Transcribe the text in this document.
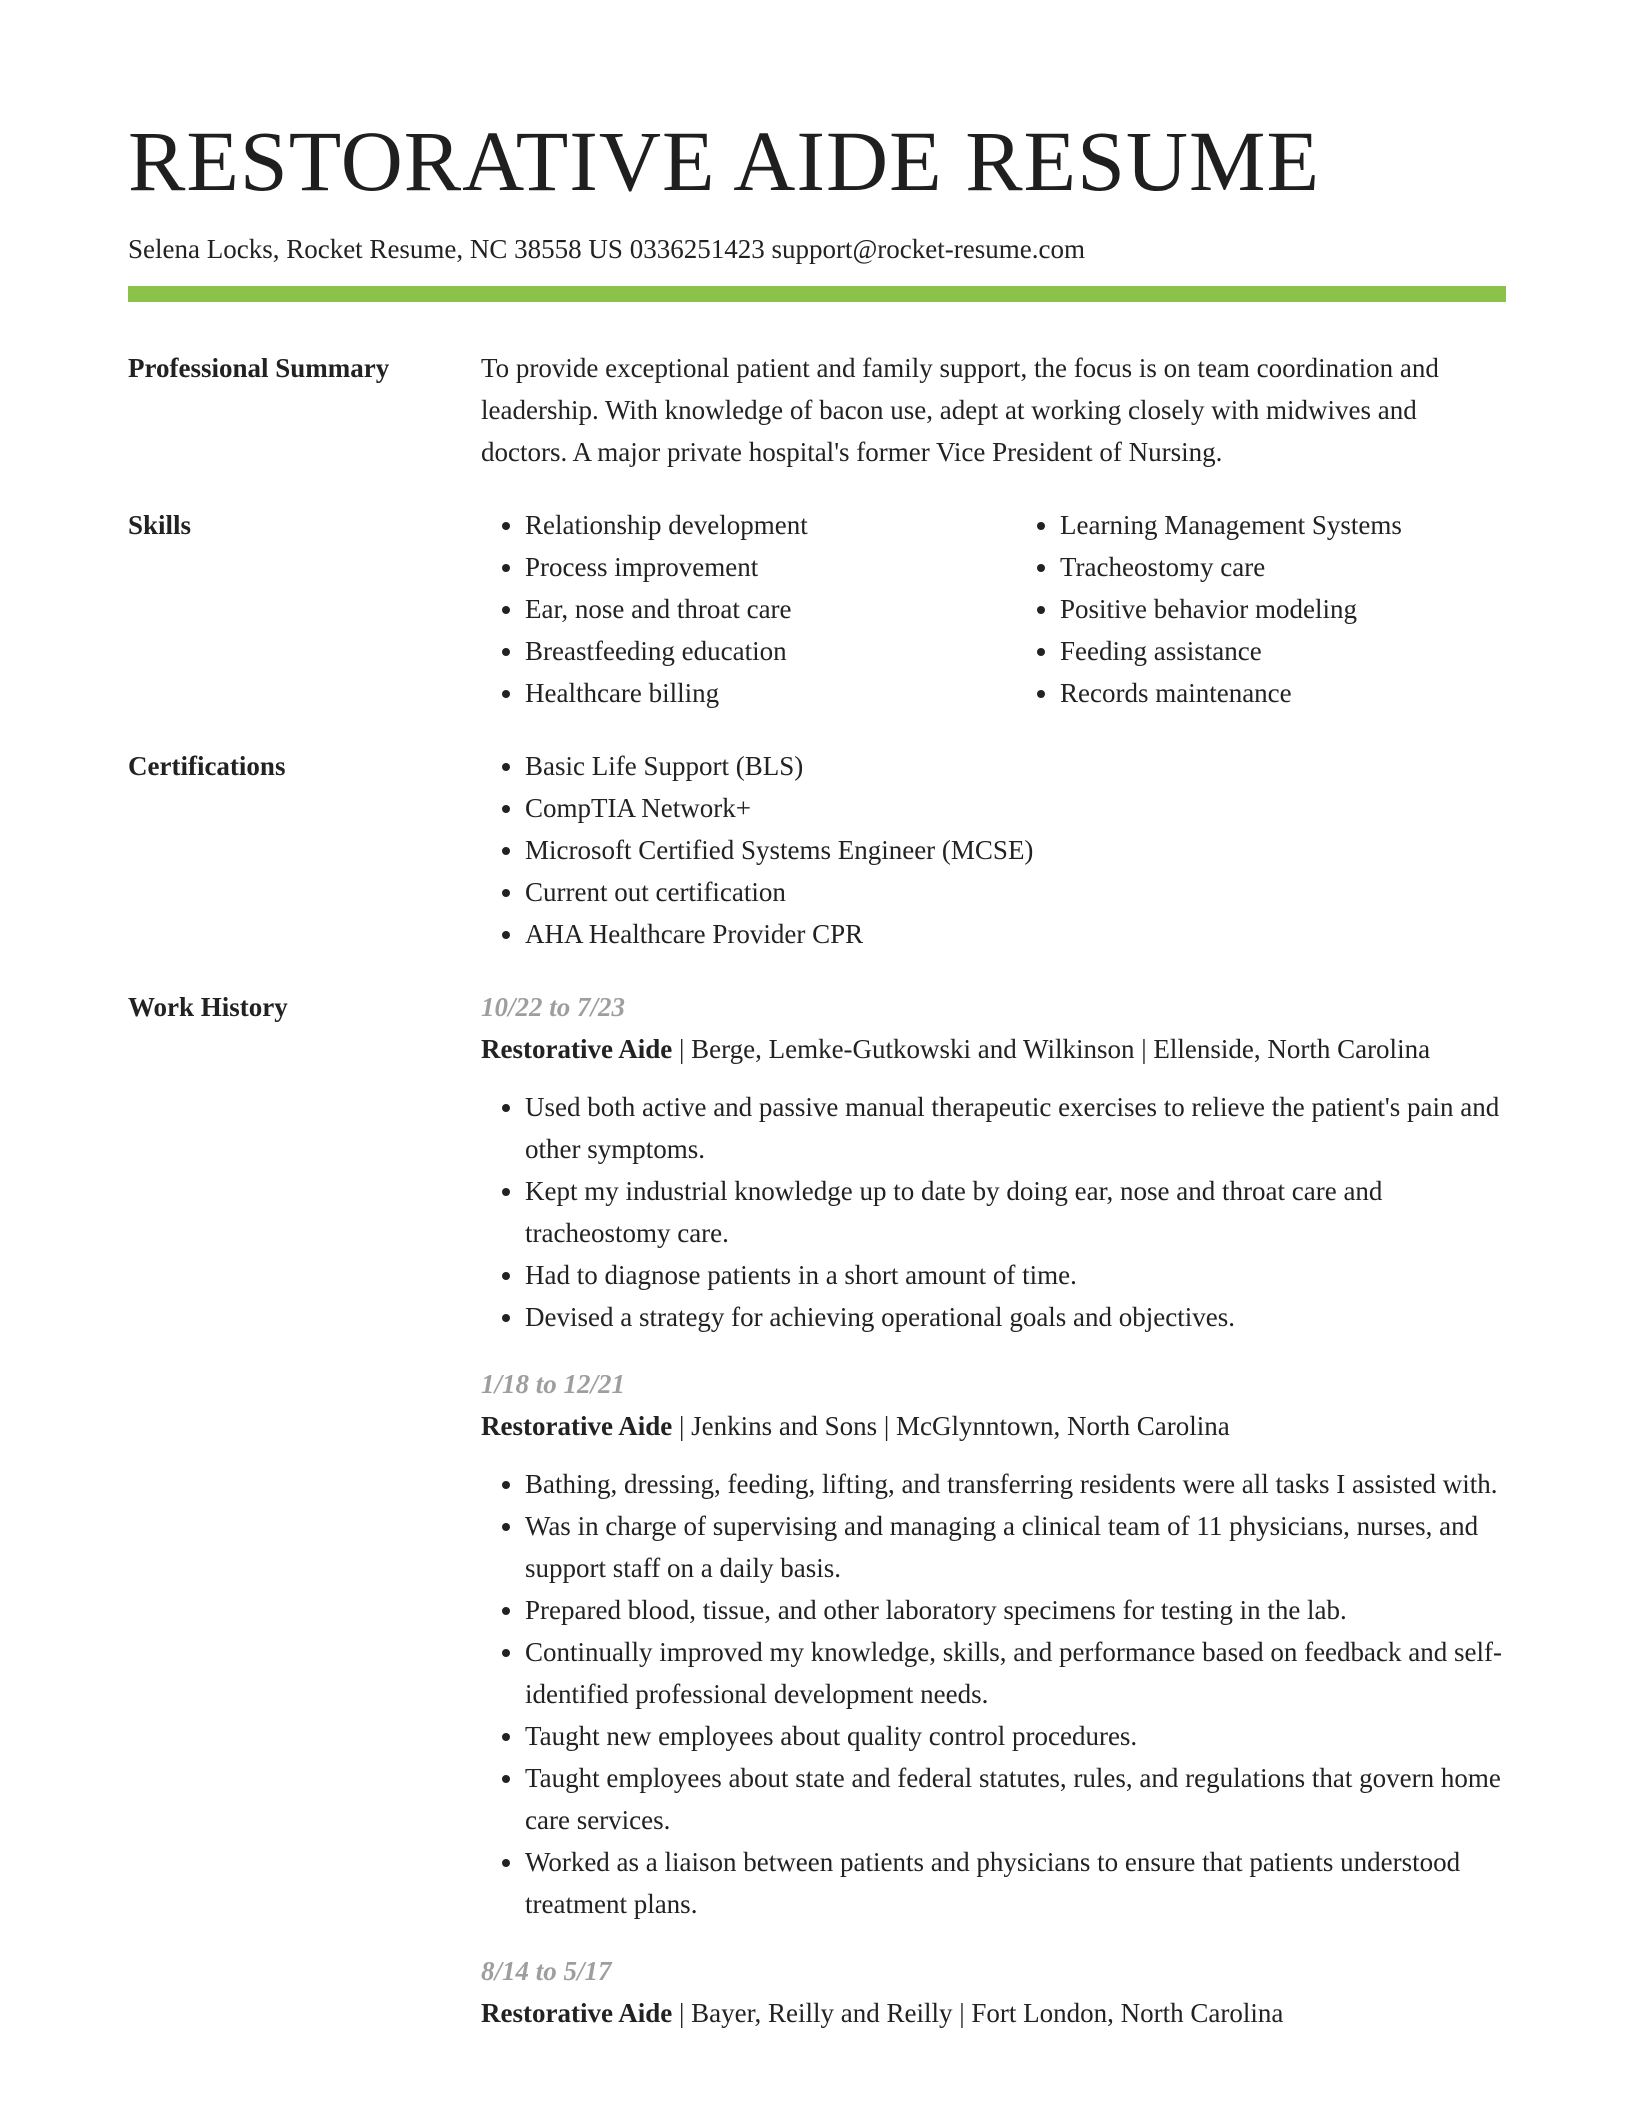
RESTORATIVE AIDE RESUME
Selena Locks, Rocket Resume, NC 38558 US 0336251423 support@rocket-resume.com
Professional Summary	To provide exceptional patient and family support, the focus is on team coordination and leadership. With knowledge of bacon use, adept at working closely with midwives and doctors. A major private hospital's former Vice President of Nursing.

Skills	• Relationship development
• Process improvement
• Ear, nose and throat care
• Breastfeeding education
• Healthcare billing
• Learning Management Systems
• Tracheostomy care
• Positive behavior modeling
• Feeding assistance
• Records maintenance
Certifications	• Basic Life Support (BLS)
• CompTIA Network+
• Microsoft Certified Systems Engineer (MCSE)
• Current out certification
• AHA Healthcare Provider CPR
Work History	10/22 to 7/23
Restorative Aide | Berge, Lemke-Gutkowski and Wilkinson | Ellenside, North Carolina
• Used both active and passive manual therapeutic exercises to relieve the patient's pain and other symptoms.
• Kept my industrial knowledge up to date by doing ear, nose and throat care and tracheostomy care.
• Had to diagnose patients in a short amount of time.
• Devised a strategy for achieving operational goals and objectives.
1/18 to 12/21
Restorative Aide | Jenkins and Sons | McGlynntown, North Carolina
• Bathing, dressing, feeding, lifting, and transferring residents were all tasks I assisted with.
• Was in charge of supervising and managing a clinical team of 11 physicians, nurses, and support staff on a daily basis.
• Prepared blood, tissue, and other laboratory specimens for testing in the lab.
• Continually improved my knowledge, skills, and performance based on feedback and self-identified professional development needs.
• Taught new employees about quality control procedures.
• Taught employees about state and federal statutes, rules, and regulations that govern home care services.
• Worked as a liaison between patients and physicians to ensure that patients understood treatment plans.
8/14 to 5/17
Restorative Aide | Bayer, Reilly and Reilly | Fort London, North Carolina
